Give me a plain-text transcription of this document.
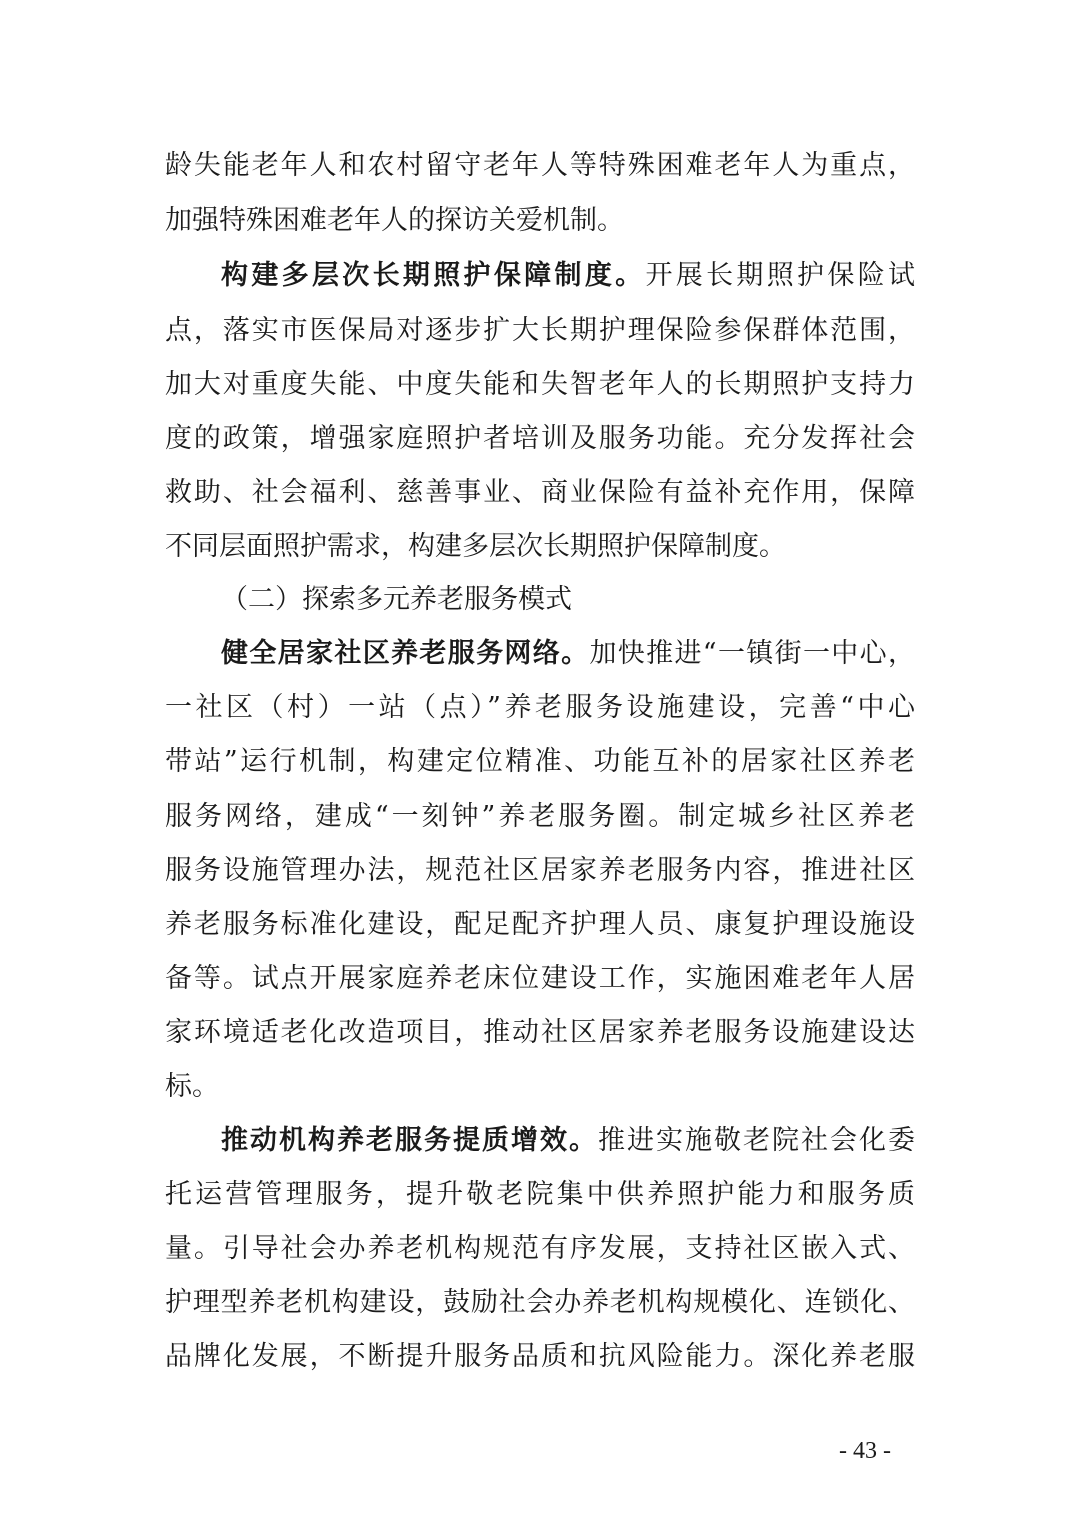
龄失能老年人和农村留守老年人等特殊困难老年人为重点，
加强特殊困难老年人的探访关爱机制。
构建多层次长期照护保障制度。开展长期照护保险试
点，落实市医保局对逐步扩大长期护理保险参保群体范围，
加大对重度失能、中度失能和失智老年人的长期照护支持力
度的政策，增强家庭照护者培训及服务功能。充分发挥社会
救助、社会福利、慈善事业、商业保险有益补充作用，保障
不同层面照护需求，构建多层次长期照护保障制度。
（二）探索多元养老服务模式
健全居家社区养老服务网络。加快推进“一镇街一中心，
一社区（村）一站（点）”养老服务设施建设，完善“中心
带站”运行机制，构建定位精准、功能互补的居家社区养老
服务网络，建成“一刻钟”养老服务圈。制定城乡社区养老
服务设施管理办法，规范社区居家养老服务内容，推进社区
养老服务标准化建设，配足配齐护理人员、康复护理设施设
备等。试点开展家庭养老床位建设工作，实施困难老年人居
家环境适老化改造项目，推动社区居家养老服务设施建设达
标。
推动机构养老服务提质增效。推进实施敬老院社会化委
托运营管理服务，提升敬老院集中供养照护能力和服务质
量。引导社会办养老机构规范有序发展，支持社区嵌入式、
护理型养老机构建设，鼓励社会办养老机构规模化、连锁化、
品牌化发展，不断提升服务品质和抗风险能力。深化养老服
- 43 -
